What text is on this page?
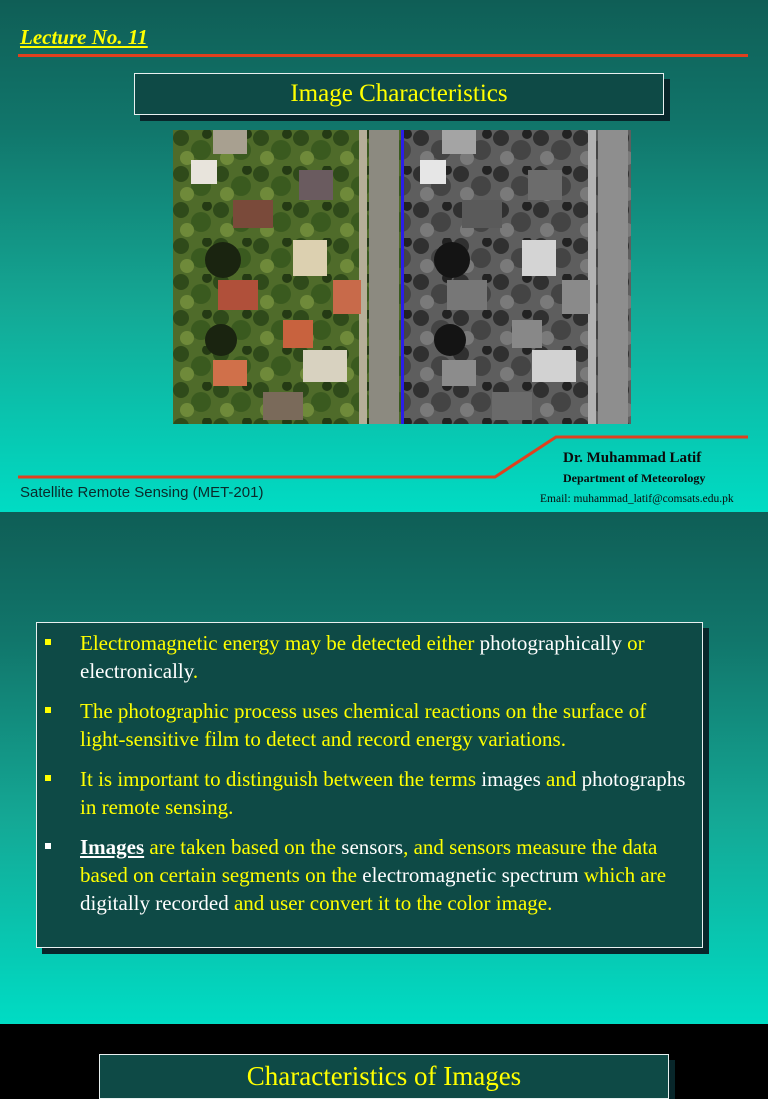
Lecture No. 11
Image Characteristics
Satellite Remote Sensing (MET-201)
Dr. Muhammad Latif
Department of Meteorology
Email: muhammad_latif@comsats.edu.pk
Characteristics of Images
Electromagnetic energy may be detected either photographically or electronically.
The photographic process uses chemical reactions on the surface of light-sensitive film to detect and record energy variations.
It is important to distinguish between the terms images and photographs in remote sensing.
Images are taken based on the sensors, and sensors measure the data based on certain segments on the electromagnetic spectrum which are digitally recorded and user convert it to the color image.
